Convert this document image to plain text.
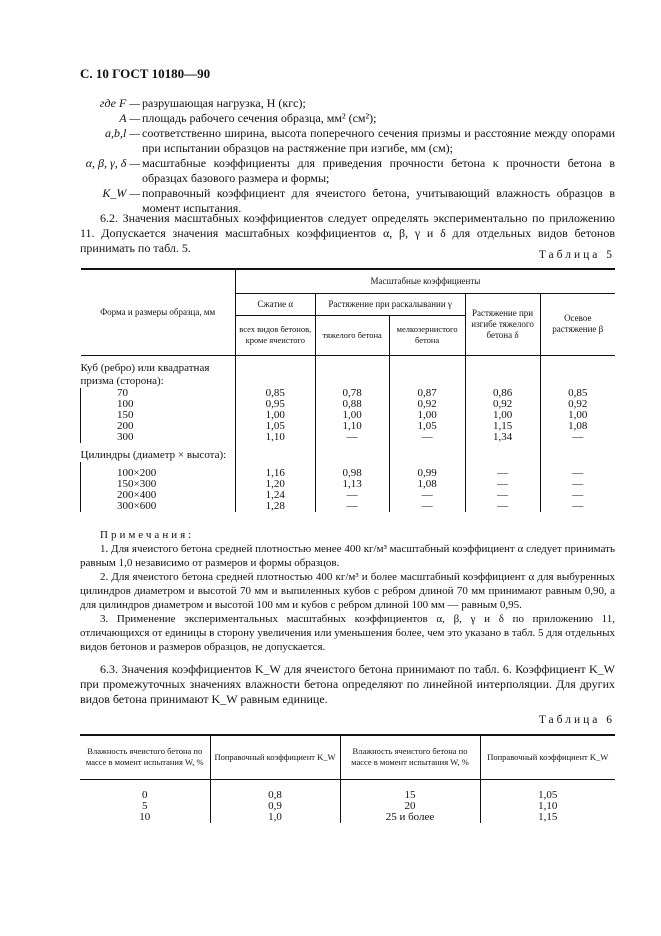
С. 10 ГОСТ 10180—90
где F — разрушающая нагрузка, Н (кгс);
A — площадь рабочего сечения образца, мм² (см²);
a,b,l — соответственно ширина, высота поперечного сечения призмы и расстояние между опорами при испытании образцов на растяжение при изгибе, мм (см);
α, β, γ, δ — масштабные коэффициенты для приведения прочности бетона к прочности бетона в образцах базового размера и формы;
K_W — поправочный коэффициент для ячеистого бетона, учитывающий влажность образцов в момент испытания.

6.2. Значения масштабных коэффициентов следует определять экспериментально по приложению 11. Допускается значения масштабных коэффициентов α, β, γ и δ для отдельных видов бетонов принимать по табл. 5.	Таблица 5
Форма и размеры образца, мм	Масштабные коэффициенты				
	Сжатие α	Растяжение при раскалывании γ		Растяжение при изгибе тяжелого бетона δ	Осевое растяжение β
	всех видов бетонов, кроме ячеистого	тяжелого бетона	мелкозернистого бетона		
Куб (ребро) или квадратная призма (сторона):					
70	0,85	0,78	0,87	0,86	0,85
100	0,95	0,88	0,92	0,92	0,92
150	1,00	1,00	1,00	1,00	1,00
200	1,05	1,10	1,05	1,15	1,08
300	1,10	—	—	1,34	—
Цилиндры (диаметр × высота):					
100×200	1,16	0,98	0,99	—	—
150×300	1,20	1,13	1,08	—	—
200×400	1,24	—	—	—	—
300×600	1,28	—	—	—	—
Примечания:

1. Для ячеистого бетона средней плотностью менее 400 кг/м³ масштабный коэффициент α следует принимать равным 1,0 независимо от размеров и формы образцов.

2. Для ячеистого бетона средней плотностью 400 кг/м³ и более масштабный коэффициент α для выбуренных цилиндров диаметром и высотой 70 мм и выпиленных кубов с ребром длиной 70 мм принимают равным 0,90, а для цилиндров диаметром и высотой 100 мм и кубов с ребром длиной 100 мм — равным 0,95.

3. Применение экспериментальных масштабных коэффициентов α, β, γ и δ по приложению 11, отличающихся от единицы в сторону увеличения или уменьшения более, чем это указано в табл. 5 для отдельных видов бетонов и размеров образцов, не допускается.

6.3. Значения коэффициентов K_W для ячеистого бетона принимают по табл. 6. Коэффициент K_W при промежуточных значениях влажности бетона определяют по линейной интерполяции. Для других видов бетона принимают K_W равным единице.

Таблица 6
Влажность ячеистого бетона по массе в момент испытания W, %	Поправочный коэффициент K_W	Влажность ячеистого бетона по массе в момент испытания W, %	Поправочный коэффициент K_W
0	0,8	15	1,05
5	0,9	20	1,10
10	1,0	25 и более	1,15
